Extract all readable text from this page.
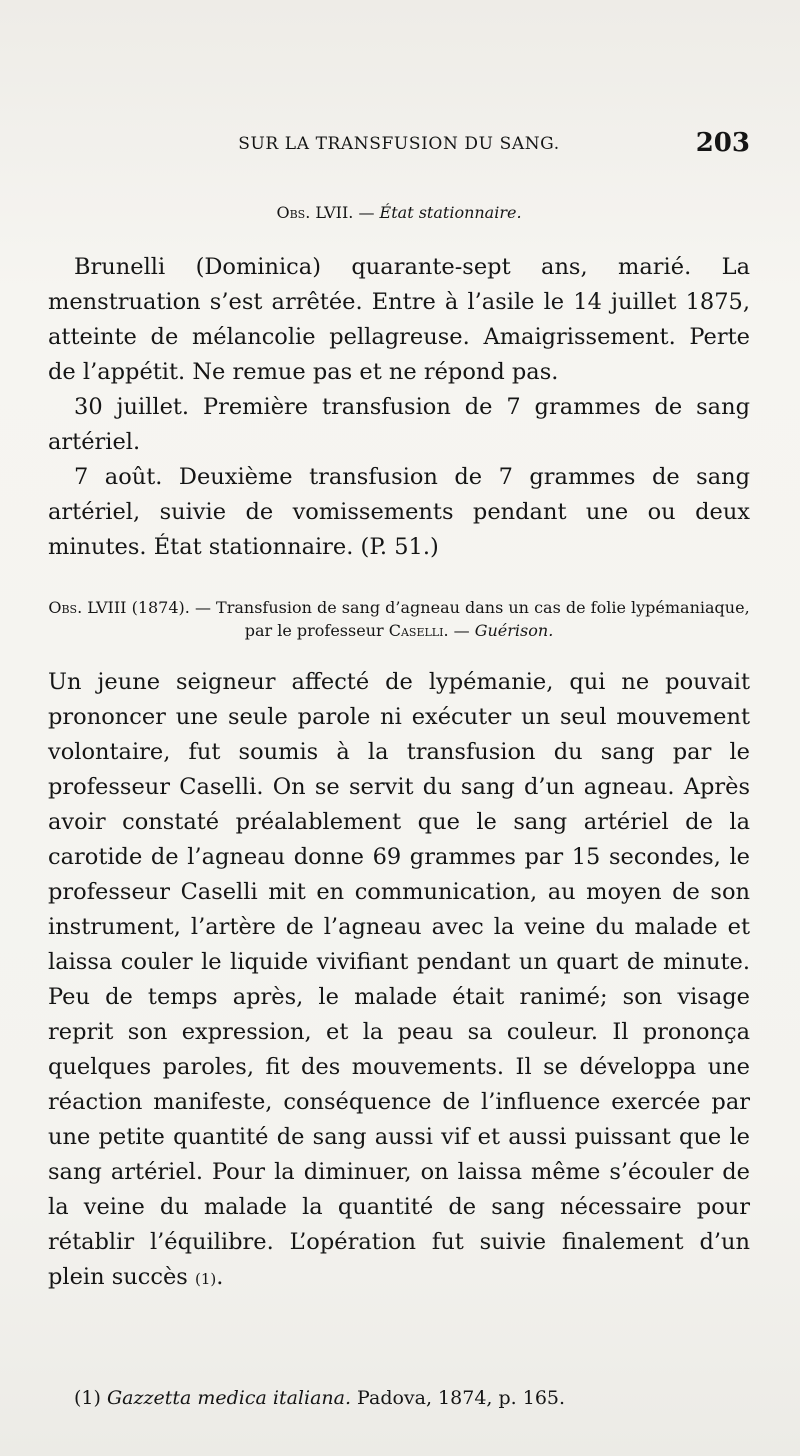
SUR LA TRANSFUSION DU SANG.	203
Obs. LVII. — État stationnaire.

Brunelli (Dominica) quarante-sept ans, marié. La menstruation s’est arrêtée. Entre à l’asile le 14 juillet 1875, atteinte de mélancolie pellagreuse. Amaigrissement. Perte de l’appétit. Ne remue pas et ne répond pas.

30 juillet. Première transfusion de 7 grammes de sang artériel.

7 août. Deuxième transfusion de 7 grammes de sang artériel, suivie de vomissements pendant une ou deux minutes. État stationnaire. (P. 51.)

Obs. LVIII (1874). — Transfusion de sang d’agneau dans un cas de folie lypémaniaque, par le professeur Caselli. — Guérison.

Un jeune seigneur affecté de lypémanie, qui ne pouvait prononcer une seule parole ni exécuter un seul mouvement volontaire, fut soumis à la transfusion du sang par le professeur Caselli. On se servit du sang d’un agneau. Après avoir constaté préalablement que le sang artériel de la carotide de l’agneau donne 69 grammes par 15 secondes, le professeur Caselli mit en communication, au moyen de son instrument, l’artère de l’agneau avec la veine du malade et laissa couler le liquide vivifiant pendant un quart de minute. Peu de temps après, le malade était ranimé; son visage reprit son expression, et la peau sa couleur. Il prononça quelques paroles, fit des mouvements. Il se développa une réaction manifeste, conséquence de l’influence exercée par une petite quantité de sang aussi vif et aussi puissant que le sang artériel. Pour la diminuer, on laissa même s’écouler de la veine du malade la quantité de sang nécessaire pour rétablir l’équilibre. L’opération fut suivie finalement d’un plein succès (1).

(1) Gazzetta medica italiana. Padova, 1874, p. 165.
